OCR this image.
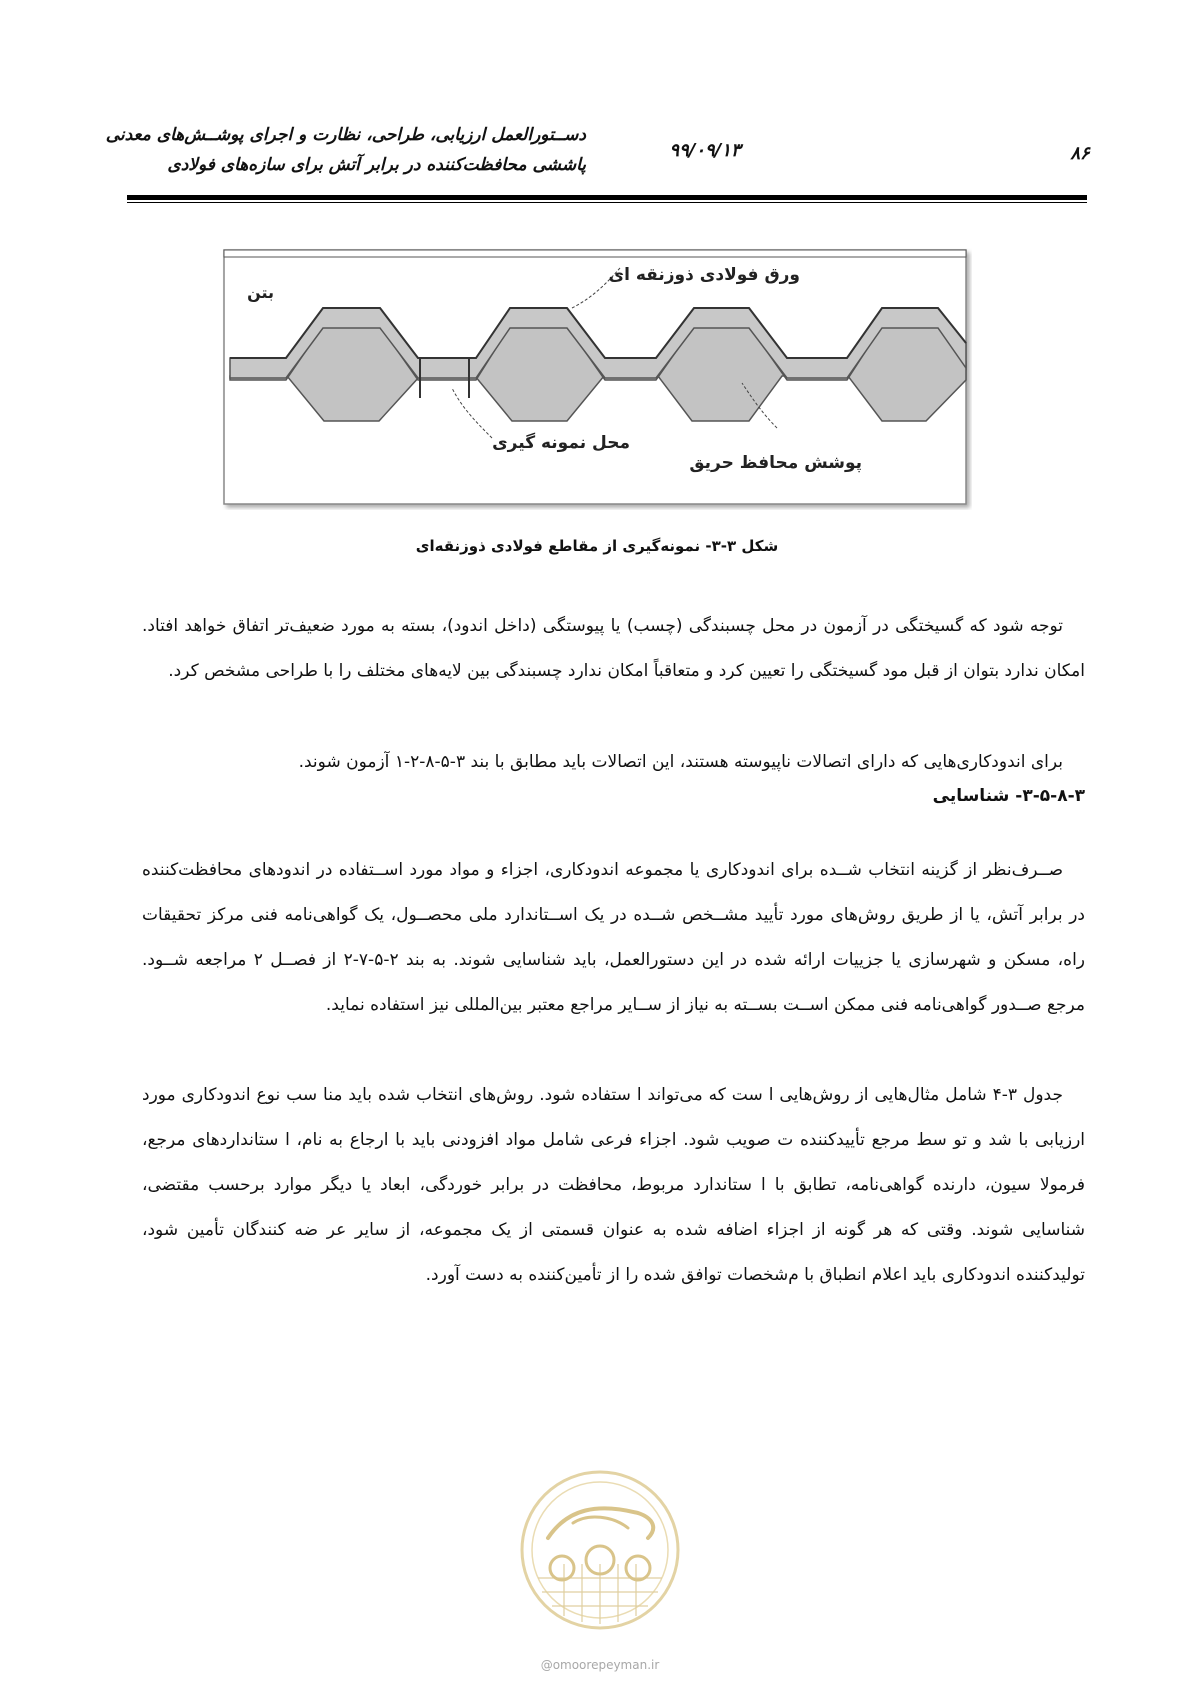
دســتورالعمل ارزیابی، طراحی، نظارت و اجرای پوشــش‌های معدنی
پاششی محافظت‌کننده در برابر آتش برای سازه‌های فولادی
۹۹/۰۹/۱۳	۸۶
بتن
ورق فولادی ذوزنقه ای
محل نمونه گیری
پوشش محافظ حریق
شکل ۳-۳- نمونه‌گیری از مقاطع فولادی ذوزنقه‌ای
توجه شود که گسیختگی در آزمون در محل چسبندگی (چسب) یا پیوستگی (داخل اندود)، بسته به مورد ضعیف‌تر اتفاق خواهد افتاد. امکان ندارد بتوان از قبل مود گسیختگی را تعیین کرد و متعاقباً امکان ندارد چسبندگی بین لایه‌های مختلف را با طراحی مشخص کرد.
برای اندودکاری‌هایی که دارای اتصالات ناپیوسته هستند، این اتصالات باید مطابق با بند ۳-۵-۸-۲-۱ آزمون شوند.
۳-۵-۸-۳- شناسایی
صــرف‌نظر از گزینه انتخاب شــده برای اندودکاری یا مجموعه اندودکاری، اجزاء و مواد مورد اســتفاده در اندودهای محافظت‌کننده در برابر آتش، یا از طریق روش‌های مورد تأیید مشــخص شــده در یک اســتاندارد ملی محصــول، یک گواهی‌نامه فنی مرکز تحقیقات راه، مسکن و شهرسازی یا جزییات ارائه شده در این دستورالعمل، باید شناسایی شوند. به بند ۲-۵-۷-۲ از فصــل ۲ مراجعه شــود. مرجع صــدور گواهی‌نامه فنی ممکن اســت بســته به نیاز از ســایر مراجع معتبر بین‌المللی نیز استفاده نماید.
جدول ۳-۴ شامل مثال‌هایی از روش‌هایی ا ست که می‌تواند ا ستفاده شود. روش‌های انتخاب شده باید منا سب نوع اندودکاری مورد ارزیابی با شد و تو سط مرجع تأییدکننده ت صویب شود. اجزاء فرعی شامل مواد افزودنی باید با ارجاع به نام، ا ستانداردهای مرجع، فرمولا سیون، دارنده گواهی‌نامه، تطابق با ا ستاندارد مربوط، محافظت در برابر خوردگی، ابعاد یا دیگر موارد برحسب مقتضی، شناسایی شوند. وقتی که هر گونه از اجزاء اضافه شده به عنوان قسمتی از یک مجموعه، از سایر عر ضه کنندگان تأمین شود، تولیدکننده اندودکاری باید اعلام انطباق با م‌شخصات توافق شده را از تأمین‌کننده به دست آورد.
@omoorepeyman.ir
